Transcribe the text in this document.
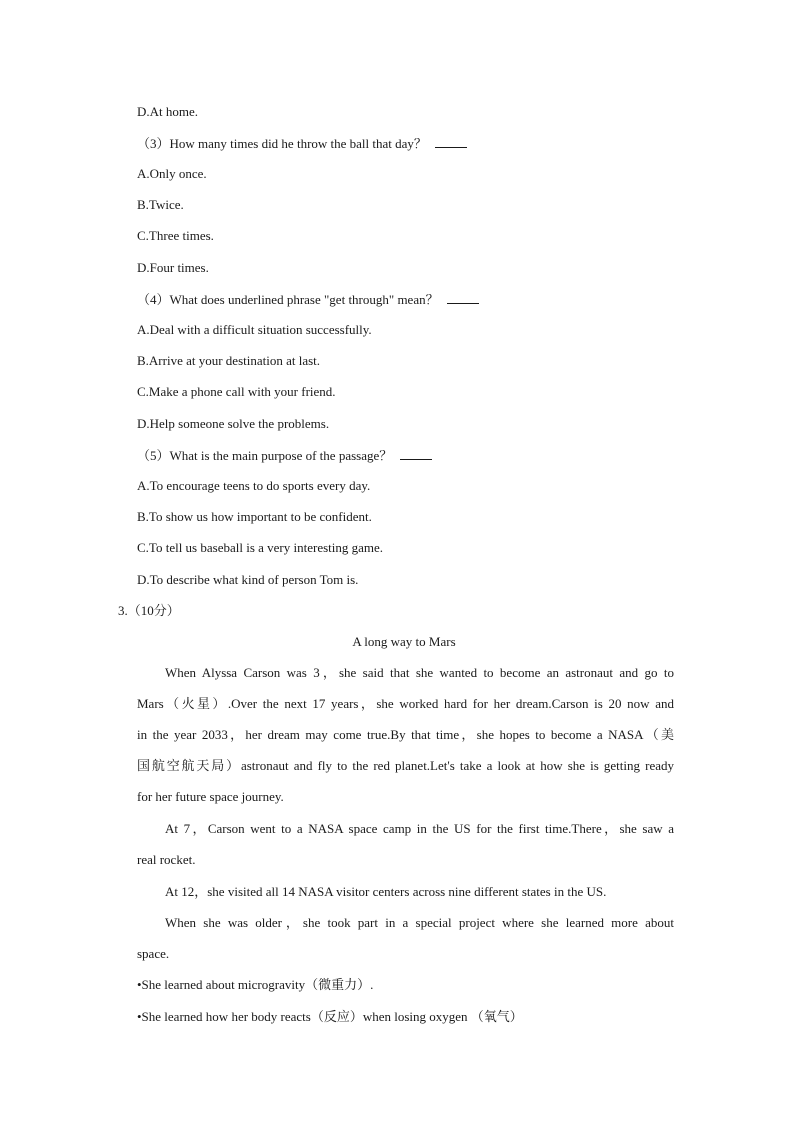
D.At home.
（3）How many times did he throw the ball that day？
A.Only once.
B.Twice.
C.Three times.
D.Four times.
（4）What does underlined phrase "get through" mean？
A.Deal with a difficult situation successfully.
B.Arrive at your destination at last.
C.Make a phone call with your friend.
D.Help someone solve the problems.
（5）What is the main purpose of the passage？
A.To encourage teens to do sports every day.
B.To show us how important to be confident.
C.To tell us baseball is a very interesting game.
D.To describe what kind of person Tom is.
3.（10分）
A long way to Mars
When Alyssa Carson was 3，she said that she wanted to become an astronaut and go to
Mars（火星）.Over the next 17 years，she worked hard for her dream.Carson is 20 now and
in the year 2033，her dream may come true.By that time，she hopes to become a NASA（美
国航空航天局）astronaut and fly to the red planet.Let's take a look at how she is getting ready
for her future space journey.
At 7，Carson went to a NASA space camp in the US for the first time.There，she saw a
real rocket.
At 12，she visited all 14 NASA visitor centers across nine different states in the US.
When she was older，she took part in a special project where she learned more about
space.
•She learned about microgravity（微重力）.
•She learned how her body reacts（反应）when losing oxygen （氧气）
